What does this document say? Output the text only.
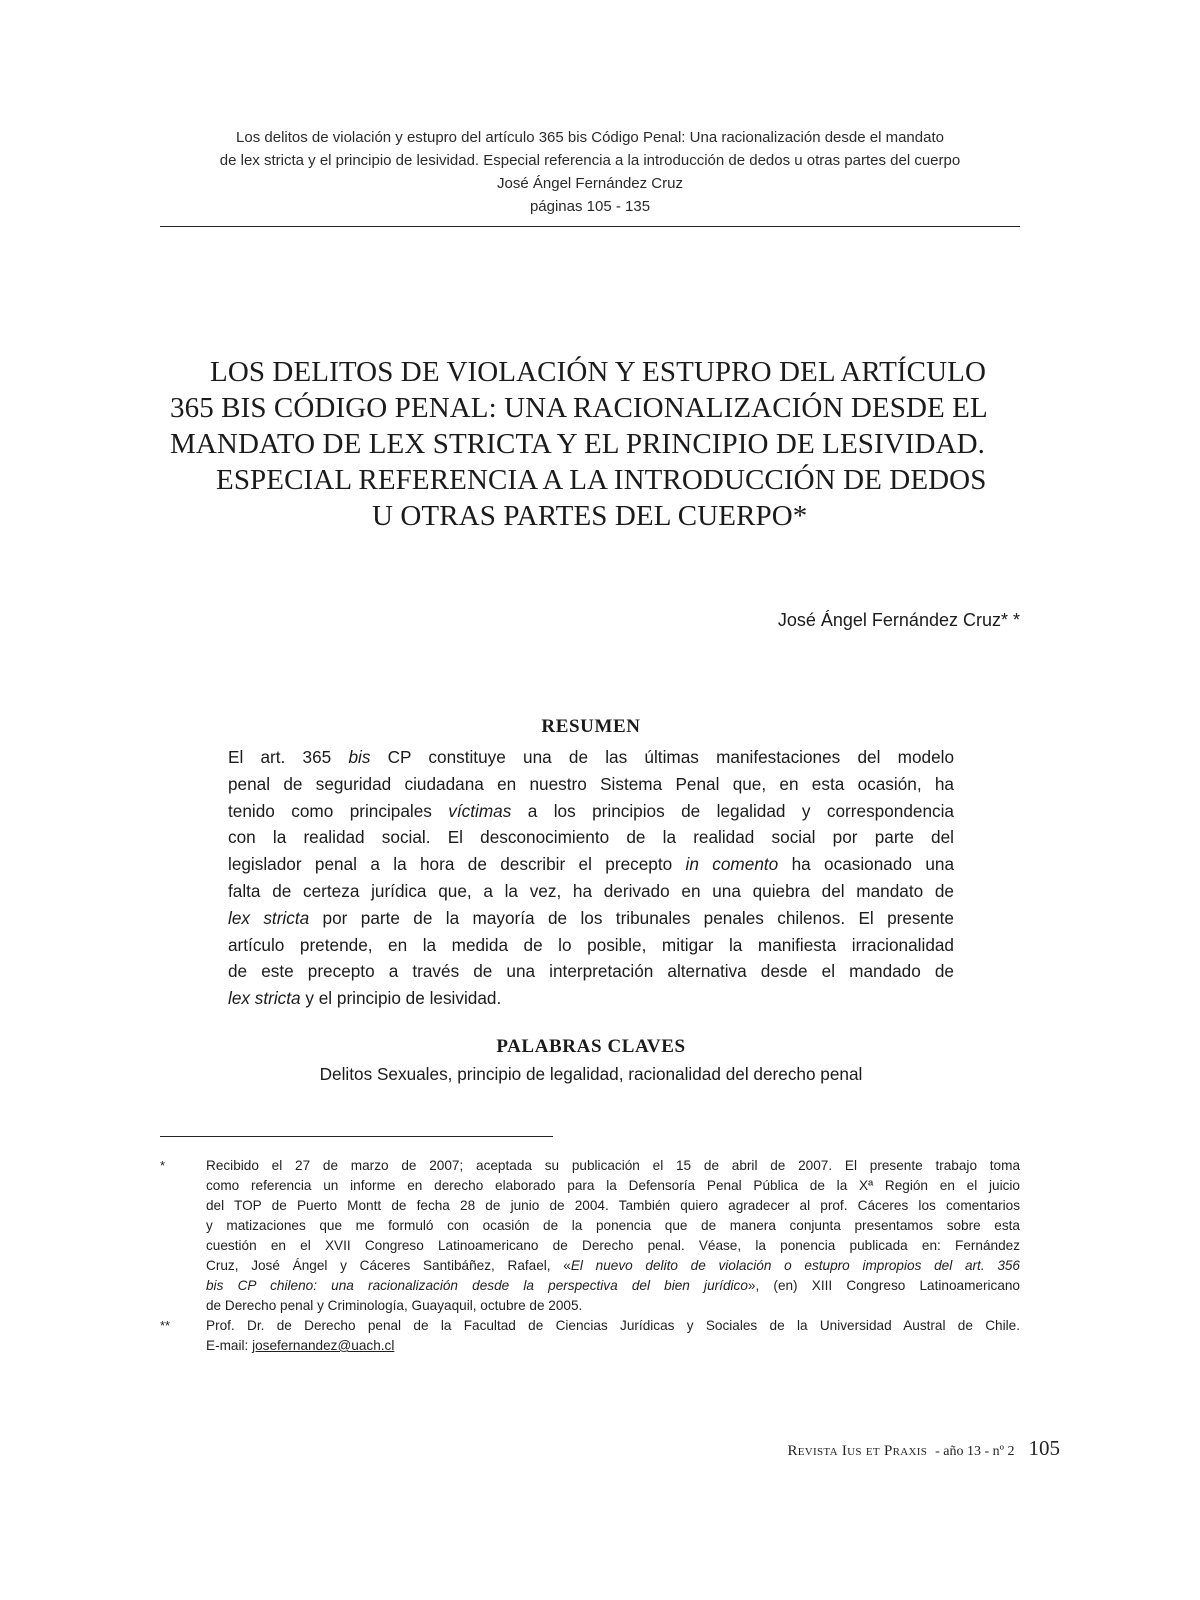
Los delitos de violación y estupro del artículo 365 bis Código Penal: Una racionalización desde el mandato
de lex stricta y el principio de lesividad. Especial referencia a la introducción de dedos u otras partes del cuerpo
José Ángel Fernández Cruz
páginas 105 - 135
LOS DELITOS DE VIOLACIÓN Y ESTUPRO DEL ARTÍCULO
365 BIS CÓDIGO PENAL: UNA RACIONALIZACIÓN DESDE EL
MANDATO DE LEX STRICTA Y EL PRINCIPIO DE LESIVIDAD.
ESPECIAL REFERENCIA A LA INTRODUCCIÓN DE DEDOS
U OTRAS PARTES DEL CUERPO*
José Ángel Fernández Cruz* *
RESUMEN
El art. 365 bis CP constituye una de las últimas manifestaciones del modelo
penal de seguridad ciudadana en nuestro Sistema Penal que, en esta ocasión, ha
tenido como principales víctimas a los principios de legalidad y correspondencia
con la realidad social. El desconocimiento de la realidad social por parte del
legislador penal a la hora de describir el precepto in comento ha ocasionado una
falta de certeza jurídica que, a la vez, ha derivado en una quiebra del mandato de
lex stricta por parte de la mayoría de los tribunales penales chilenos. El presente
artículo pretende, en la medida de lo posible, mitigar la manifiesta irracionalidad
de este precepto a través de una interpretación alternativa desde el mandado de
lex stricta y el principio de lesividad.
PALABRAS CLAVES
Delitos Sexuales, principio de legalidad, racionalidad del derecho penal
*	Recibido el 27 de marzo de 2007; aceptada su publicación el 15 de abril de 2007. El presente trabajo toma
como referencia un informe en derecho elaborado para la Defensoría Penal Pública de la Xª Región en el juicio
del TOP de Puerto Montt de fecha 28 de junio de 2004. También quiero agradecer al prof. Cáceres los comentarios
y matizaciones que me formuló con ocasión de la ponencia que de manera conjunta presentamos sobre esta
cuestión en el XVII Congreso Latinoamericano de Derecho penal. Véase, la ponencia publicada en: Fernández
Cruz, José Ángel y Cáceres Santibáñez, Rafael, «El nuevo delito de violación o estupro impropios del art. 356
bis CP chileno: una racionalización desde la perspectiva del bien jurídico», (en) XIII Congreso Latinoamericano
de Derecho penal y Criminología, Guayaquil, octubre de 2005.
**	Prof. Dr. de Derecho penal de la Facultad de Ciencias Jurídicas y Sociales de la Universidad Austral de Chile.
E-mail: josefernandez@uach.cl
Revista Ius et Praxis - año 13 - nº 2 105
